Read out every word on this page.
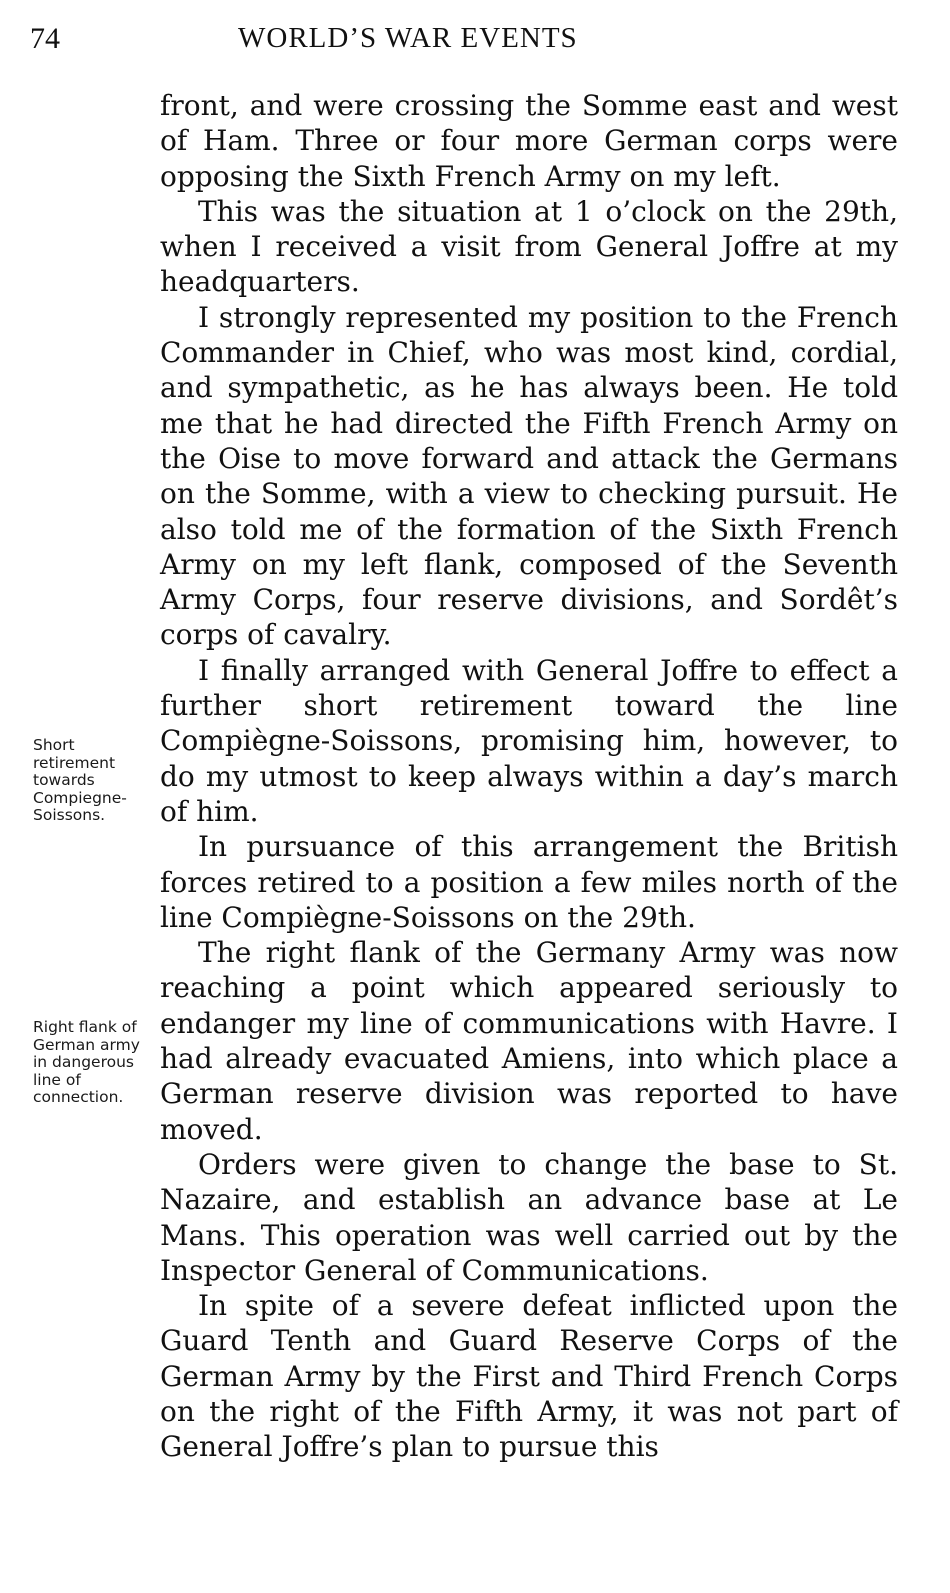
74	WORLD’S WAR EVENTS
Short retirement towards Compiegne-Soissons.
Right flank of German army in dangerous line of connection.

front, and were crossing the Somme east and west of Ham. Three or four more German corps were opposing the Sixth French Army on my left.

This was the situation at 1 o’clock on the 29th, when I received a visit from General Joffre at my headquarters.

I strongly represented my position to the French Commander in Chief, who was most kind, cordial, and sympathetic, as he has always been. He told me that he had directed the Fifth French Army on the Oise to move forward and attack the Germans on the Somme, with a view to checking pursuit. He also told me of the formation of the Sixth French Army on my left flank, composed of the Seventh Army Corps, four reserve divisions, and Sordêt’s corps of cavalry.

I finally arranged with General Joffre to effect a further short retirement toward the line Compiègne-Soissons, promising him, however, to do my utmost to keep always within a day’s march of him.

In pursuance of this arrangement the British forces retired to a position a few miles north of the line Compiègne-Soissons on the 29th.

The right flank of the Germany Army was now reaching a point which appeared seriously to endanger my line of communications with Havre. I had already evacuated Amiens, into which place a German reserve division was reported to have moved.

Orders were given to change the base to St. Nazaire, and establish an advance base at Le Mans. This operation was well carried out by the Inspector General of Communications.

In spite of a severe defeat inflicted upon the Guard Tenth and Guard Reserve Corps of the German Army by the First and Third French Corps on the right of the Fifth Army, it was not part of General Joffre’s plan to pursue this
